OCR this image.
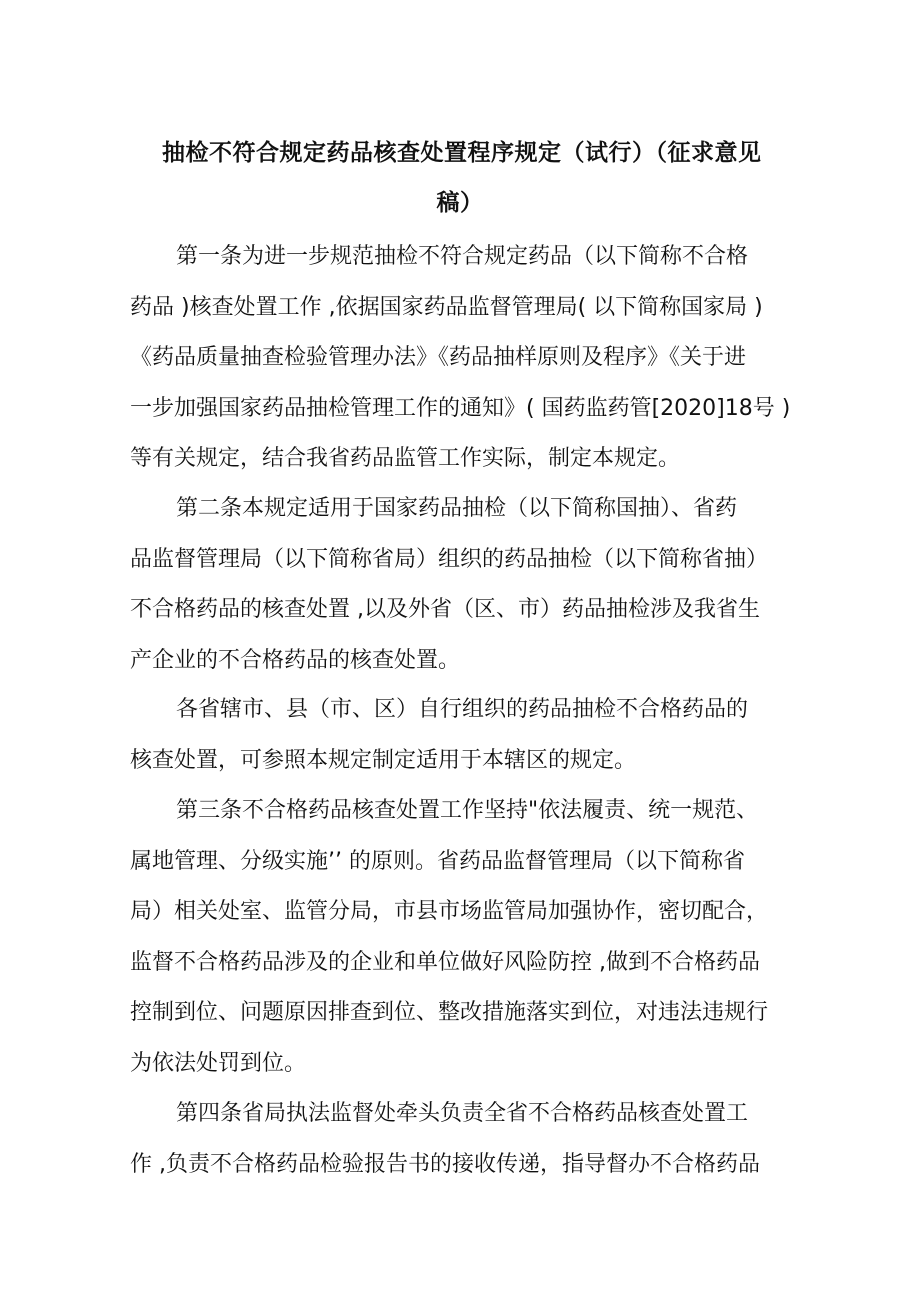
抽检不符合规定药品核查处置程序规定（试行）（征求意见
稿）
第一条为进一步规范抽检不符合规定药品（以下简称不合格
药品 )核查处置工作 ,依据国家药品监督管理局( 以下简称国家局 )
《药品质量抽查检验管理办法》《药品抽样原则及程序》《关于进
一步加强国家药品抽检管理工作的通知》( 国药监药管[2020]18号 )
等有关规定，结合我省药品监管工作实际，制定本规定。
第二条本规定适用于国家药品抽检（以下简称国抽）、省药
品监督管理局（以下简称省局）组织的药品抽检（以下简称省抽）
不合格药品的核查处置 ,以及外省（区、市）药品抽检涉及我省生
产企业的不合格药品的核查处置。
各省辖市、县（市、区）自行组织的药品抽检不合格药品的
核查处置，可参照本规定制定适用于本辖区的规定。
第三条不合格药品核查处置工作坚持"依法履责、统一规范、
属地管理、分级实施’’ 的原则。省药品监督管理局（以下简称省
局）相关处室、监管分局，市县市场监管局加强协作，密切配合，
监督不合格药品涉及的企业和单位做好风险防控 ,做到不合格药品
控制到位、问题原因排查到位、整改措施落实到位，对违法违规行
为依法处罚到位。
第四条省局执法监督处牵头负责全省不合格药品核查处置工
作 ,负责不合格药品检验报告书的接收传递，指导督办不合格药品
